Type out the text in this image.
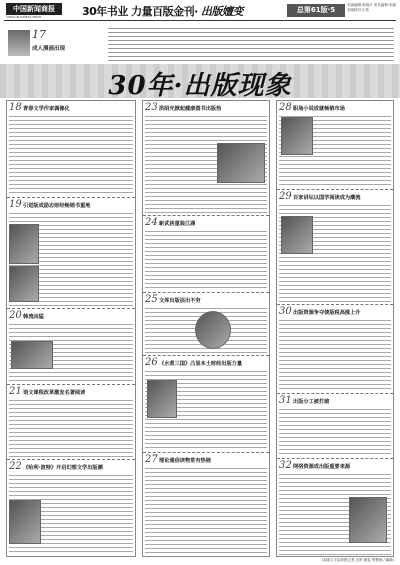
中国新闻商报
CHINA BUSINESS NEWS	30年书业 力量百版金刊· 出版嬗变	总第61版·5
本版编辑:张晓宇 美术编辑:李丽 本版校对:王伟
17
成人漫画出现
30年·出版现象
18 青春文学作家偶像化
19 引进版成励志财经畅销书重地
20 韩流凶猛
21 语文课程改革激发名著阅读
22 《哈利·波特》开启幻想文学出版潮
23 洪昭光掀起健康图书出版热
24 新武侠重装江湖
25 文库出版层出不穷
26 《水煮三国》凸显本土财经出版力量
27 理论通俗读物常有热销
28 职场小说成就畅销市场
29 百家讲坛以国学阅读成为潮流
30 出版资源争夺使版税高涨上升
31 出版分工被打破
32 网络资源成出版重要来源
(本版文字由商报记者 汪婷 施雯 等整理 / 编辑)
